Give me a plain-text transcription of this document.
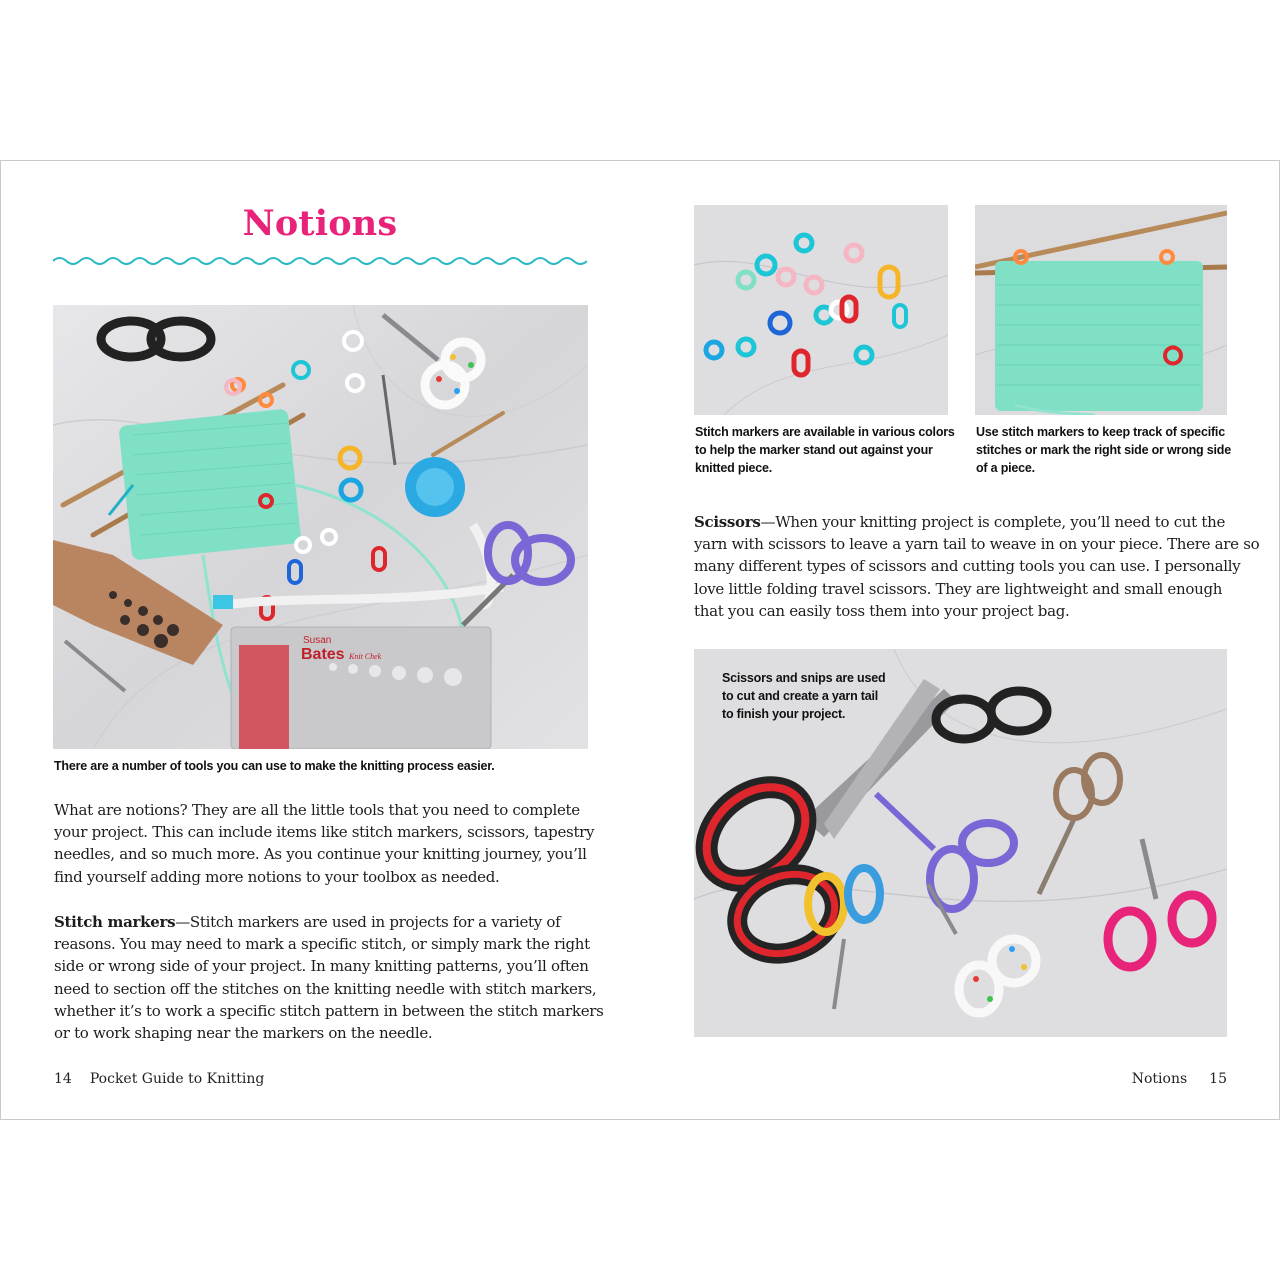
Notions
Susan
Bates Knit Chek
There are a number of tools you can use to make the knitting process easier.
What are notions? They are all the little tools that you need to complete
your project. This can include items like stitch markers, scissors, tapestry
needles, and so much more. As you continue your knitting journey, you’ll
find yourself adding more notions to your toolbox as needed.
Stitch markers—Stitch markers are used in projects for a variety of
reasons. You may need to mark a specific stitch, or simply mark the right
side or wrong side of your project. In many knitting patterns, you’ll often
need to section off the stitches on the knitting needle with stitch markers,
whether it’s to work a specific stitch pattern in between the stitch markers
or to work shaping near the markers on the needle.
14 Pocket Guide to Knitting
Stitch markers are available in various colors
to help the marker stand out against your
knitted piece.
Use stitch markers to keep track of specific
stitches or mark the right side or wrong side
of a piece.
Scissors—When your knitting project is complete, you’ll need to cut the
yarn with scissors to leave a yarn tail to weave in on your piece. There are so
many different types of scissors and cutting tools you can use. I personally
love little folding travel scissors. They are lightweight and small enough
that you can easily toss them into your project bag.
Scissors and snips are used
to cut and create a yarn tail
to finish your project.
Notions 15
